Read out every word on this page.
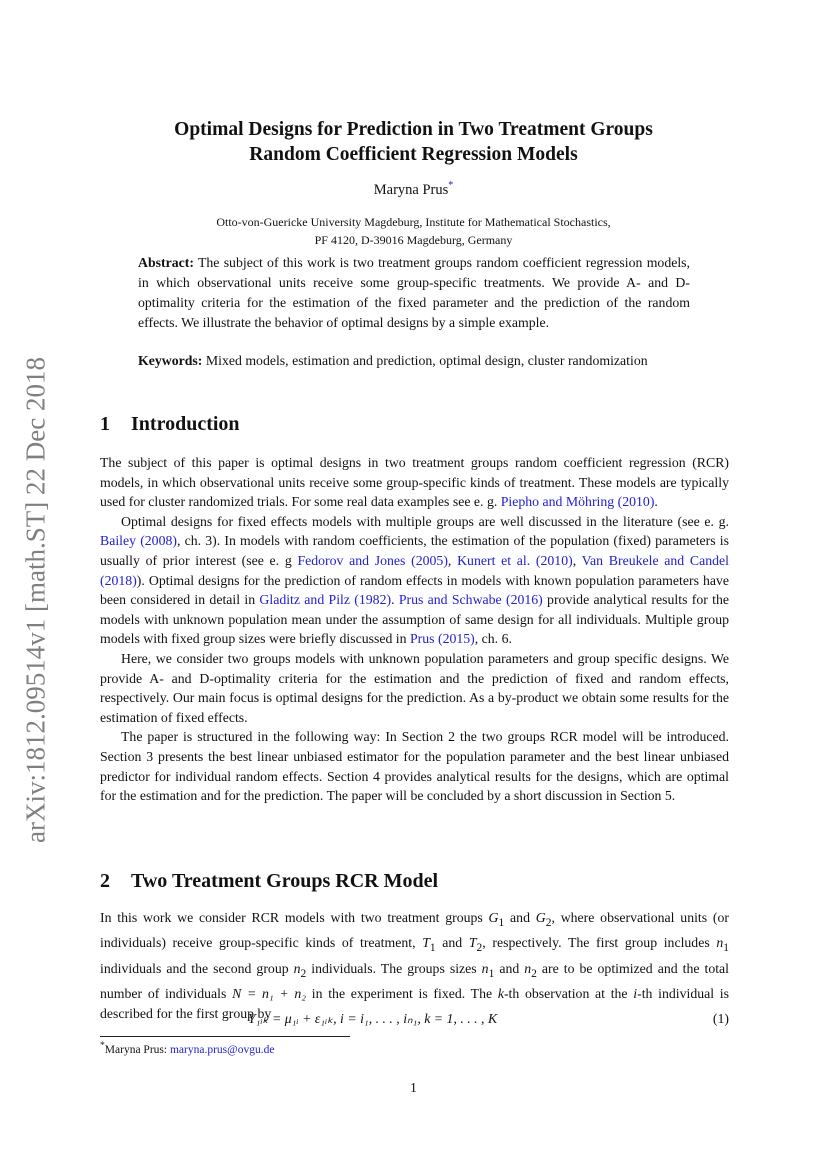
arXiv:1812.09514v1 [math.ST] 22 Dec 2018
Optimal Designs for Prediction in Two Treatment Groups
Random Coefficient Regression Models
Maryna Prus*
Otto-von-Guericke University Magdeburg, Institute for Mathematical Stochastics,
PF 4120, D-39016 Magdeburg, Germany
Abstract: The subject of this work is two treatment groups random coefficient regression models, in which observational units receive some group-specific treatments. We provide A- and D-optimality criteria for the estimation of the fixed parameter and the prediction of the random effects. We illustrate the behavior of optimal designs by a simple example.
Keywords: Mixed models, estimation and prediction, optimal design, cluster randomization
1 Introduction

The subject of this paper is optimal designs in two treatment groups random coefficient regression (RCR) models, in which observational units receive some group-specific kinds of treatment. These models are typically used for cluster randomized trials. For some real data examples see e. g. Piepho and Möhring (2010).

Optimal designs for fixed effects models with multiple groups are well discussed in the literature (see e. g. Bailey (2008), ch. 3). In models with random coefficients, the estimation of the population (fixed) parameters is usually of prior interest (see e. g Fedorov and Jones (2005), Kunert et al. (2010), Van Breukele and Candel (2018)). Optimal designs for the prediction of random effects in models with known population parameters have been considered in detail in Gladitz and Pilz (1982). Prus and Schwabe (2016) provide analytical results for the models with unknown population mean under the assumption of same design for all individuals. Multiple group models with fixed group sizes were briefly discussed in Prus (2015), ch. 6.

Here, we consider two groups models with unknown population parameters and group specific designs. We provide A- and D-optimality criteria for the estimation and the prediction of fixed and random effects, respectively. Our main focus is optimal designs for the prediction. As a by-product we obtain some results for the estimation of fixed effects.

The paper is structured in the following way: In Section 2 the two groups RCR model will be introduced. Section 3 presents the best linear unbiased estimator for the population parameter and the best linear unbiased predictor for individual random effects. Section 4 provides analytical results for the designs, which are optimal for the estimation and for the prediction. The paper will be concluded by a short discussion in Section 5.

2 Two Treatment Groups RCR Model

In this work we consider RCR models with two treatment groups $G_1$ and $G_2$, where observational units (or individuals) receive group-specific kinds of treatment, $T_1$ and $T_2$, respectively. The first group includes $n_1$ individuals and the second group $n_2$ individuals. The groups sizes $n_1$ and $n_2$ are to be optimized and the total number of individuals N = n₁ + n₂ in the experiment is fixed. The k-th observation at the i-th individual is described for the first group by

Y₁ᵢₖ = μ₁ᵢ + ε₁ᵢₖ, i = i₁, . . . , iₙ₁, k = 1, . . . , K	(1)
*Maryna Prus: maryna.prus@ovgu.de
1
